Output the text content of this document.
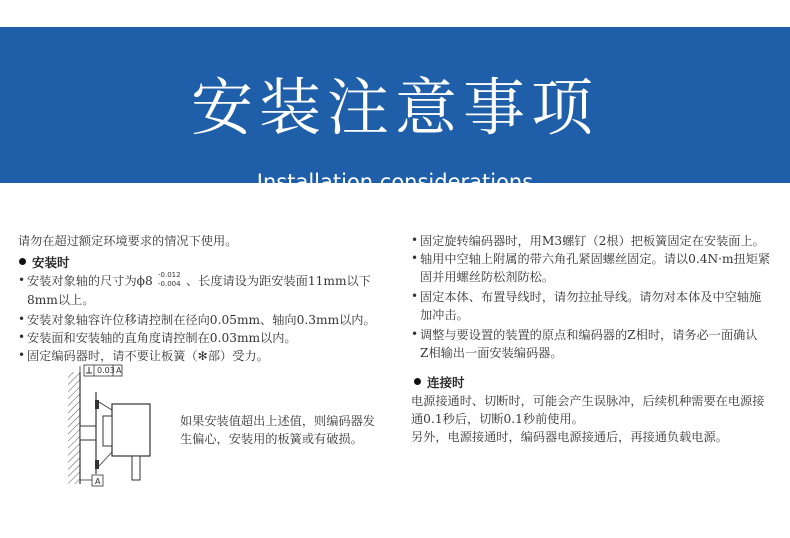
安装注意事项
Installation considerations
请勿在超过额定环境要求的情况下使用。
安装时
• 安装对象轴的尺寸为ϕ8 -0.012
-0.004 、长度请设为距安装面11mm以下
8mm以上。
• 安装对象轴容许位移请控制在径向0.05mm、轴向0.3mm以内。
• 安装面和安装轴的直角度请控制在0.03mm以内。
• 固定编码器时，请不要让板簧（✻部）受力。
0.03 A
A
如果安装值超出上述值，则编码器发
生偏心，安装用的板簧或有破损。
• 固定旋转编码器时，用M3螺钉（2根）把板簧固定在安装面上。
• 轴用中空轴上附属的带六角孔紧固螺丝固定。请以0.4N·m扭矩紧
固并用螺丝防松剂防松。
• 固定本体、布置导线时，请勿拉扯导线。请勿对本体及中空轴施
加冲击。
• 调整与要设置的装置的原点和编码器的Z相时，请务必一面确认
Z相输出一面安装编码器。
连接时
电源接通时、切断时，可能会产生误脉冲，后续机种需要在电源接
通0.1秒后，切断0.1秒前使用。
另外，电源接通时，编码器电源接通后，再接通负载电源。
